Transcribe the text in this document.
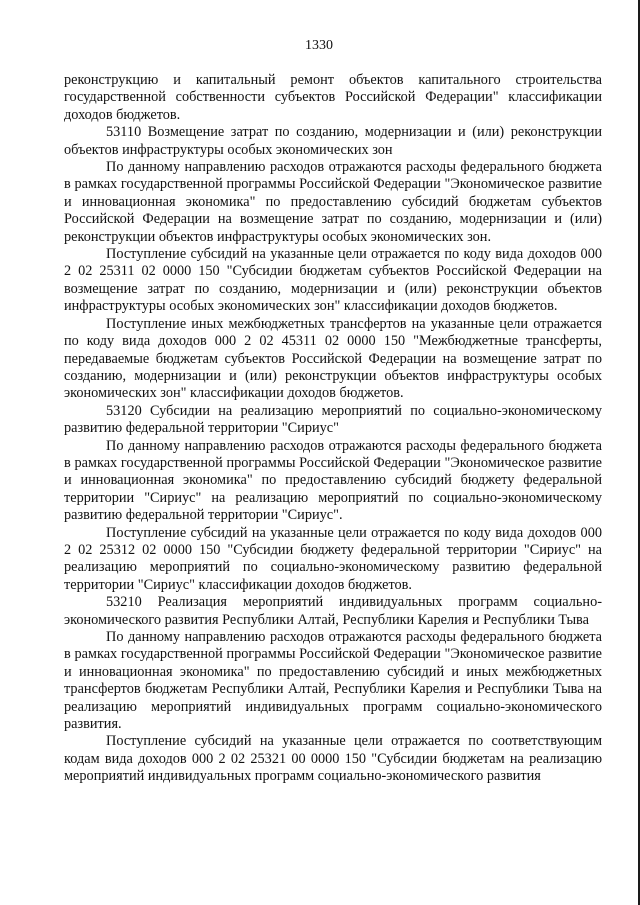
1330

реконструкцию и капитальный ремонт объектов капитального строительства государственной собственности субъектов Российской Федерации" классификации доходов бюджетов.

53110 Возмещение затрат по созданию, модернизации и (или) реконструкции объектов инфраструктуры особых экономических зон

По данному направлению расходов отражаются расходы федерального бюджета в рамках государственной программы Российской Федерации "Экономическое развитие и инновационная экономика" по предоставлению субсидий бюджетам субъектов Российской Федерации на возмещение затрат по созданию, модернизации и (или) реконструкции объектов инфраструктуры особых экономических зон.

Поступление субсидий на указанные цели отражается по коду вида доходов 000 2 02 25311 02 0000 150 "Субсидии бюджетам субъектов Российской Федерации на возмещение затрат по созданию, модернизации и (или) реконструкции объектов инфраструктуры особых экономических зон" классификации доходов бюджетов.

Поступление иных межбюджетных трансфертов на указанные цели отражается по коду вида доходов 000 2 02 45311 02 0000 150 "Межбюджетные трансферты, передаваемые бюджетам субъектов Российской Федерации на возмещение затрат по созданию, модернизации и (или) реконструкции объектов инфраструктуры особых экономических зон" классификации доходов бюджетов.

53120 Субсидии на реализацию мероприятий по социально-экономическому развитию федеральной территории "Сириус"

По данному направлению расходов отражаются расходы федерального бюджета в рамках государственной программы Российской Федерации "Экономическое развитие и инновационная экономика" по предоставлению субсидий бюджету федеральной территории "Сириус" на реализацию мероприятий по социально-экономическому развитию федеральной территории "Сириус".

Поступление субсидий на указанные цели отражается по коду вида доходов 000 2 02 25312 02 0000 150 "Субсидии бюджету федеральной территории "Сириус" на реализацию мероприятий по социально-экономическому развитию федеральной территории "Сириус" классификации доходов бюджетов.

53210 Реализация мероприятий индивидуальных программ социально-экономического развития Республики Алтай, Республики Карелия и Республики Тыва

По данному направлению расходов отражаются расходы федерального бюджета в рамках государственной программы Российской Федерации "Экономическое развитие и инновационная экономика" по предоставлению субсидий и иных межбюджетных трансфертов бюджетам Республики Алтай, Республики Карелия и Республики Тыва на реализацию мероприятий индивидуальных программ социально-экономического развития.

Поступление субсидий на указанные цели отражается по соответствующим кодам вида доходов 000 2 02 25321 00 0000 150 "Субсидии бюджетам на реализацию мероприятий индивидуальных программ социально-экономического развития
